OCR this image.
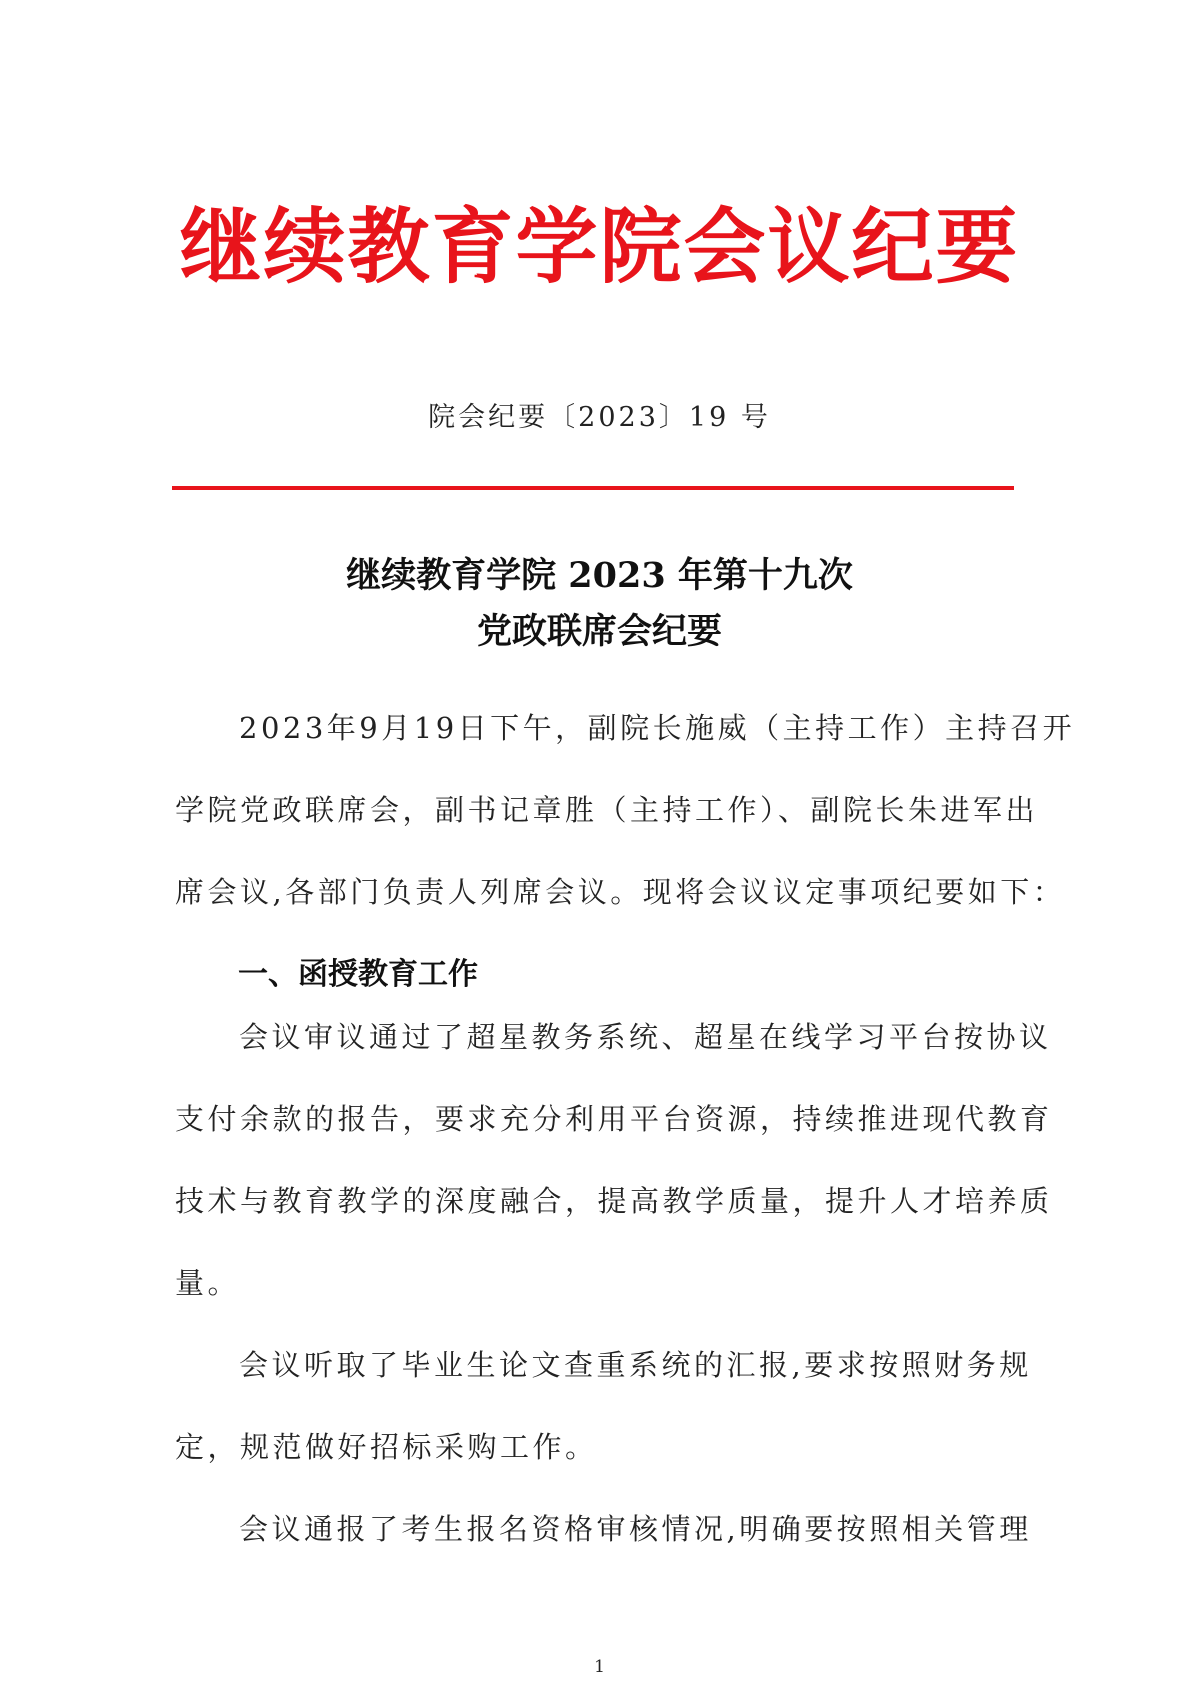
继续教育学院会议纪要
院会纪要〔2023〕19 号
继续教育学院 2023 年第十九次
党政联席会纪要
2023年9月19日下午，副院长施威（主持工作）主持召开
学院党政联席会，副书记章胜（主持工作）、副院长朱进军出
席会议,各部门负责人列席会议。现将会议议定事项纪要如下：
一、函授教育工作
会议审议通过了超星教务系统、超星在线学习平台按协议
支付余款的报告，要求充分利用平台资源，持续推进现代教育
技术与教育教学的深度融合，提高教学质量，提升人才培养质
量。
会议听取了毕业生论文查重系统的汇报,要求按照财务规
定，规范做好招标采购工作。
会议通报了考生报名资格审核情况,明确要按照相关管理
1
